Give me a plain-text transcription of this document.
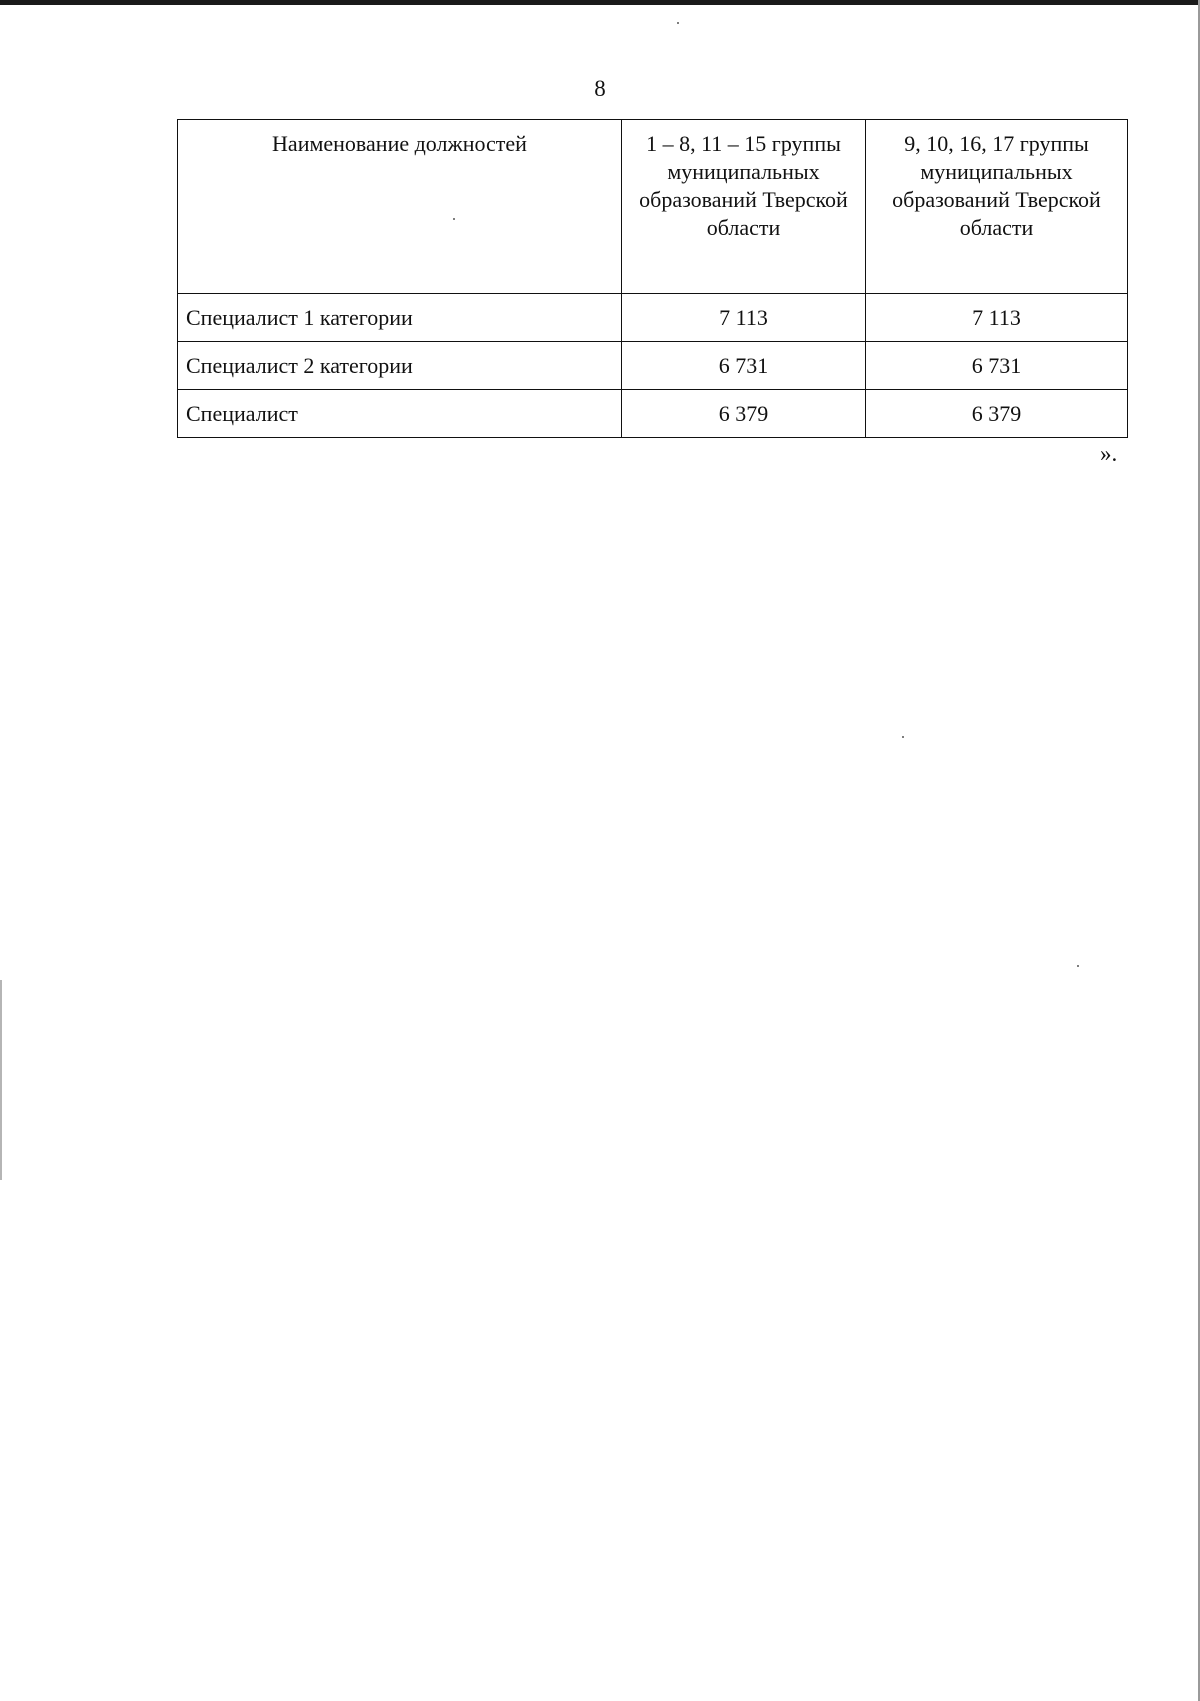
8
Наименование должностей	1 – 8, 11 – 15 группы муниципальных образований Тверской области	9, 10, 16, 17 группы муниципальных образований Тверской области
Специалист 1 категории	7 113	7 113
Специалист 2 категории	6 731	6 731
Специалист	6 379	6 379
».
